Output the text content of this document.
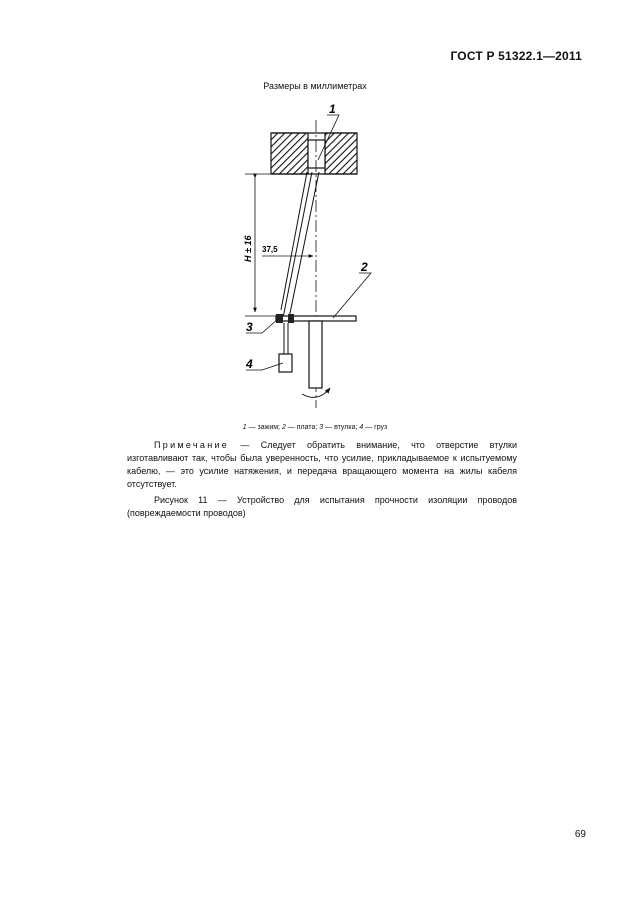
ГОСТ Р 51322.1—2011
Размеры в миллиметрах
H ± 16 37,5
1
2
3
4
1 — зажим; 2 — плата; 3 — втулка; 4 — груз
Примечание — Следует обратить внимание, что отверстие втулки изготавливают так, чтобы была уверенность, что усилие, прикладываемое к испытуемому кабелю, — это усилие натяжения, и передача вращающего момента на жилы кабеля отсутствует.
Рисунок 11 — Устройство для испытания прочности изоляции проводов (повреждаемости проводов)
69
